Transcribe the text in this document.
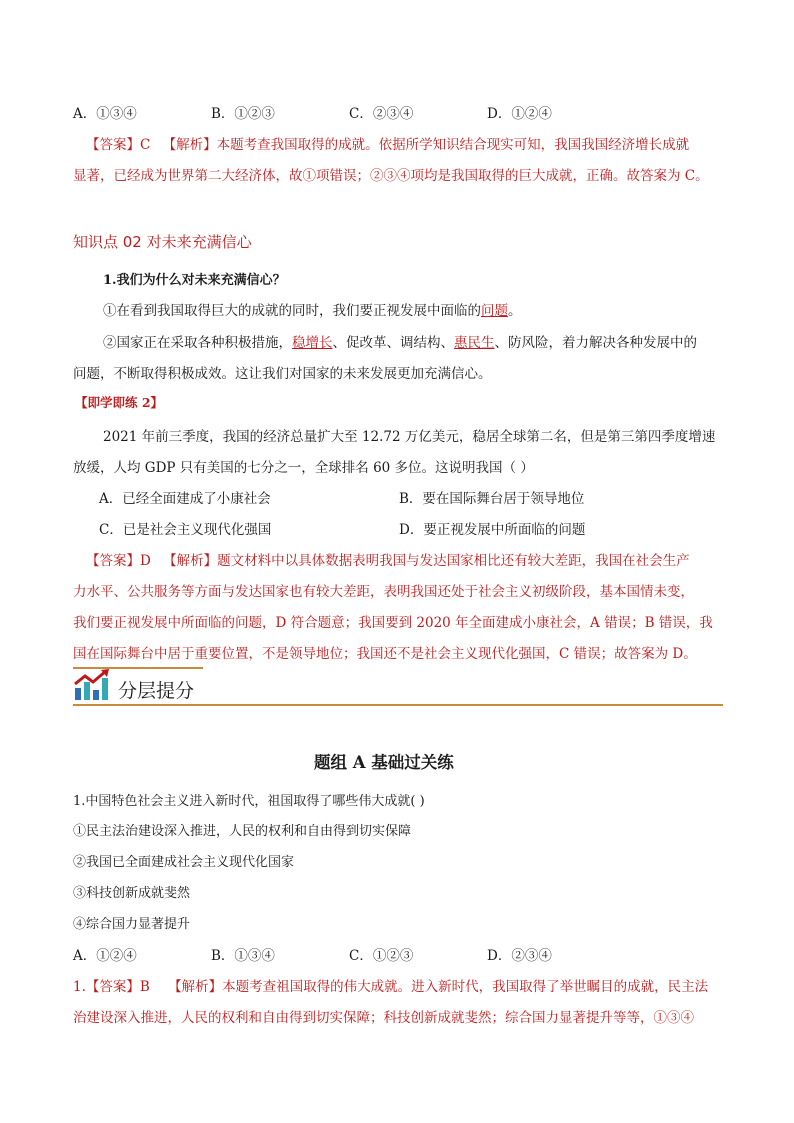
A．①③④	B．①②③	C．②③④	D．①②④
【答案】C 【解析】本题考查我国取得的成就。依据所学知识结合现实可知，我国我国经济增长成就
显著，已经成为世界第二大经济体，故①项错误；②③④项均是我国取得的巨大成就，正确。故答案为 C。
知识点 02 对未来充满信心
1.我们为什么对未来充满信心？
①在看到我国取得巨大的成就的同时，我们要正视发展中面临的问题。
②国家正在采取各种积极措施，稳增长、促改革、调结构、惠民生、防风险，着力解决各种发展中的
问题，不断取得积极成效。这让我们对国家的未来发展更加充满信心。
【即学即练 2】
2021 年前三季度，我国的经济总量扩大至 12.72 万亿美元，稳居全球第二名，但是第三第四季度增速
放缓，人均 GDP 只有美国的七分之一，全球排名 60 多位。这说明我国（ ）
A．已经全面建成了小康社会	B．要在国际舞台居于领导地位
C．已是社会主义现代化强国	D．要正视发展中所面临的问题
【答案】D 【解析】题文材料中以具体数据表明我国与发达国家相比还有较大差距，我国在社会生产
力水平、公共服务等方面与发达国家也有较大差距，表明我国还处于社会主义初级阶段，基本国情未变，
我们要正视发展中所面临的问题，D 符合题意；我国要到 2020 年全面建成小康社会，A 错误；B 错误，我
国在国际舞台中居于重要位置，不是领导地位；我国还不是社会主义现代化强国，C 错误；故答案为 D。
分层提分
题组 A 基础过关练
1.中国特色社会主义进入新时代，祖国取得了哪些伟大成就( )
①民主法治建设深入推进，人民的权利和自由得到切实保障
②我国已全面建成社会主义现代化国家
③科技创新成就斐然
④综合国力显著提升
A．①②④	B．①③④	C．①②③	D．②③④
1.【答案】B 【解析】本题考查祖国取得的伟大成就。进入新时代，我国取得了举世瞩目的成就，民主法
治建设深入推进，人民的权利和自由得到切实保障；科技创新成就斐然；综合国力显著提升等等，①③④
